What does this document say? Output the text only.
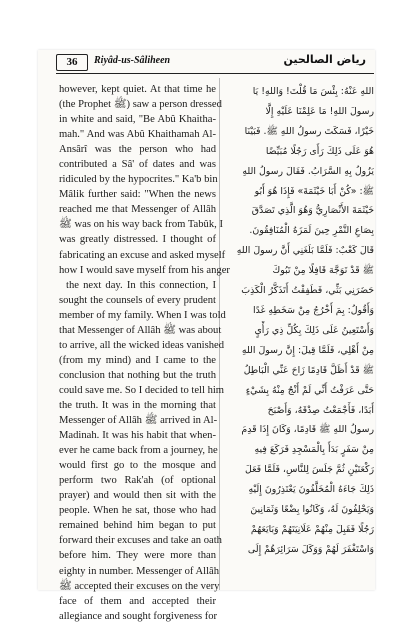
36	Riyâd-us-Sâliheen	رياض الصالحين
however, kept quiet. At that time he
(the Prophet ﷺ) saw a person dressed
in white and said, "Be Abû Khaitha-
mah." And was Abû Khaithamah Al-
Ansârî was the person who had
contributed a Sâ' of dates and was
ridiculed by the hypocrites." Ka'b bin
Mâlik further said: "When the news
reached me that Messenger of Allâh
ﷺ was on his way back from Tabûk, I
was greatly distressed. I thought of
fabricating an excuse and asked myself
how I would save myself from his anger
the next day. In this connection, I
sought the counsels of every prudent
member of my family. When I was told
that Messenger of Allâh ﷺ was about
to arrive, all the wicked ideas vanished
(from my mind) and I came to the
conclusion that nothing but the truth
could save me. So I decided to tell him
the truth. It was in the morning that
Messenger of Allâh ﷺ arrived in Al-
Madinah. It was his habit that when-
ever he came back from a journey, he
would first go to the mosque and
perform two Rak'ah (of optional
prayer) and would then sit with the
people. When he sat, those who had
remained behind him began to put
forward their excuses and take an oath
before him. They were more than
eighty in number. Messenger of Allâh
ﷺ accepted their excuses on the very
face of them and accepted their
allegiance and sought forgiveness for
اللهِ عَنْهُ: بِئْسَ مَا قُلْتَ! وَاللهِ! يَا
رسولَ اللهِ! مَا عَلِمْنَا عَلَيْهِ إِلَّا
خَيْرًا، فَسَكَتَ رسولُ اللهِ ﷺ. فَبَيْنَا
هُوَ عَلَى ذَلِكَ رَأَى رَجُلًا مُبَيِّضًا
يَزُولُ بِهِ السَّرَابُ. فَقَالَ رسولُ اللهِ
ﷺ: «كُنْ أَبَا خَيْثَمَةَ» فَإِذَا هُوَ أَبُو
خَيْثَمَةَ الأَنْصَارِيُّ وَهُوَ الَّذِي تَصَدَّقَ
بِصَاعِ التَّمْرِ حِينَ لَمَزَهُ الْمُنَافِقُونَ.
قَالَ كَعْبٌ: فَلَمَّا بَلَغَنِي أَنَّ رسولَ اللهِ
ﷺ قَدْ تَوَجَّهَ قَافِلًا مِنْ تَبُوكَ
حَضَرَنِي بَثِّي، فَطَفِقْتُ أَتَذَكَّرُ الْكَذِبَ
وَأَقُولُ: بِمَ أَخْرُجُ مِنْ سَخَطِهِ غَدًا
وَأَسْتَعِينُ عَلَى ذَلِكَ بِكُلِّ ذِي رَأْيٍ
مِنْ أَهْلِي، فَلَمَّا قِيلَ: إِنَّ رسولَ اللهِ
ﷺ قَدْ أَظَلَّ قَادِمًا زَاحَ عَنِّي الْبَاطِلُ
حَتَّى عَرَفْتُ أَنِّي لَمْ أَنْجُ مِنْهُ بِشَيْءٍ
أَبَدًا، فَأَجْمَعْتُ صِدْقَهُ، وَأَصْبَحَ
رسولُ اللهِ ﷺ قَادِمًا، وَكَانَ إِذَا قَدِمَ
مِنْ سَفَرٍ بَدَأَ بِالْمَسْجِدِ فَرَكَعَ فِيهِ
رَكْعَتَيْنِ ثُمَّ جَلَسَ لِلنَّاسِ، فَلَمَّا فَعَلَ
ذَلِكَ جَاءَهُ الْمُخَلَّفُونَ يَعْتَذِرُونَ إِلَيْهِ
وَيَحْلِفُونَ لَهُ، وَكَانُوا بِضْعًا وَثَمَانِينَ
رَجُلًا فَقَبِلَ مِنْهُمْ عَلَانِيَتَهُمْ وَبَايَعَهُمْ
وَاسْتَغْفَرَ لَهُمْ وَوَكَلَ سَرَائِرَهُمْ إِلَى
